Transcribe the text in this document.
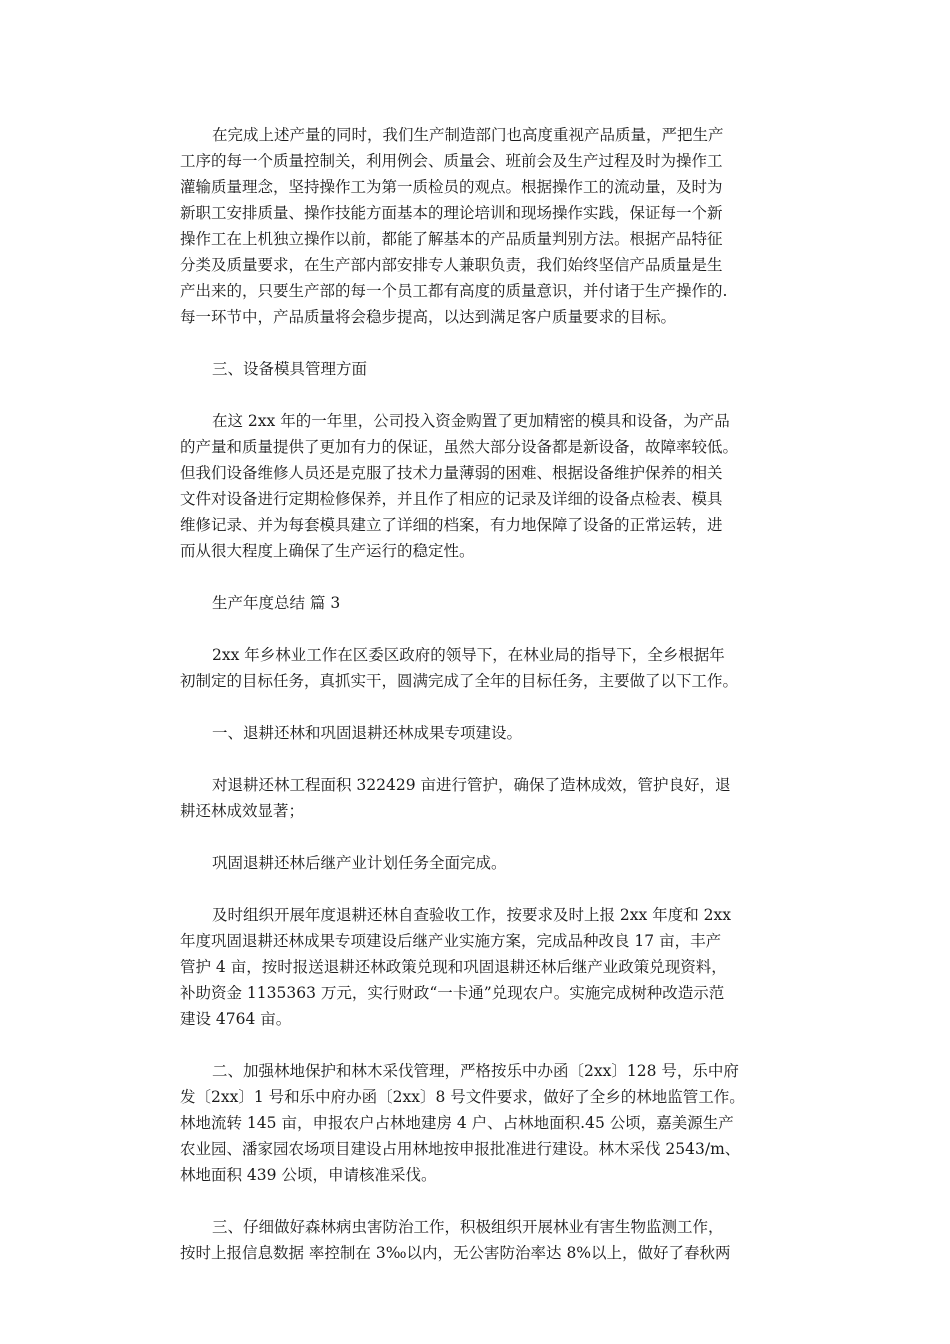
在完成上述产量的同时，我们生产制造部门也高度重视产品质量，严把生产
工序的每一个质量控制关，利用例会、质量会、班前会及生产过程及时为操作工
灌输质量理念，坚持操作工为第一质检员的观点。根据操作工的流动量，及时为
新职工安排质量、操作技能方面基本的理论培训和现场操作实践，保证每一个新
操作工在上机独立操作以前，都能了解基本的产品质量判别方法。根据产品特征
分类及质量要求，在生产部内部安排专人兼职负责，我们始终坚信产品质量是生
产出来的，只要生产部的每一个员工都有高度的质量意识，并付诸于生产操作的.
每一环节中，产品质量将会稳步提高，以达到满足客户质量要求的目标。
三、设备模具管理方面
在这 2xx 年的一年里，公司投入资金购置了更加精密的模具和设备，为产品
的产量和质量提供了更加有力的保证，虽然大部分设备都是新设备，故障率较低。
但我们设备维修人员还是克服了技术力量薄弱的困难、根据设备维护保养的相关
文件对设备进行定期检修保养，并且作了相应的记录及详细的设备点检表、模具
维修记录、并为每套模具建立了详细的档案，有力地保障了设备的正常运转，进
而从很大程度上确保了生产运行的稳定性。
生产年度总结 篇 3
2xx 年乡林业工作在区委区政府的领导下，在林业局的指导下，全乡根据年
初制定的目标任务，真抓实干，圆满完成了全年的目标任务，主要做了以下工作。
一、退耕还林和巩固退耕还林成果专项建设。
对退耕还林工程面积 322429 亩进行管护，确保了造林成效，管护良好，退
耕还林成效显著；
巩固退耕还林后继产业计划任务全面完成。
及时组织开展年度退耕还林自查验收工作，按要求及时上报 2xx 年度和 2xx
年度巩固退耕还林成果专项建设后继产业实施方案，完成品种改良 17 亩，丰产
管护 4 亩，按时报送退耕还林政策兑现和巩固退耕还林后继产业政策兑现资料，
补助资金 1135363 万元，实行财政“一卡通”兑现农户。实施完成树种改造示范
建设 4764 亩。
二、加强林地保护和林木采伐管理，严格按乐中办函〔2xx〕128 号，乐中府
发〔2xx〕1 号和乐中府办函〔2xx〕8 号文件要求，做好了全乡的林地监管工作。
林地流转 145 亩，申报农户占林地建房 4 户、占林地面积.45 公顷，嘉美源生产
农业园、潘家园农场项目建设占用林地按申报批准进行建设。林木采伐 2543/m、
林地面积 439 公顷，申请核准采伐。
三、仔细做好森林病虫害防治工作，积极组织开展林业有害生物监测工作，
按时上报信息数据 率控制在 3‰以内，无公害防治率达 8%以上，做好了春秋两
